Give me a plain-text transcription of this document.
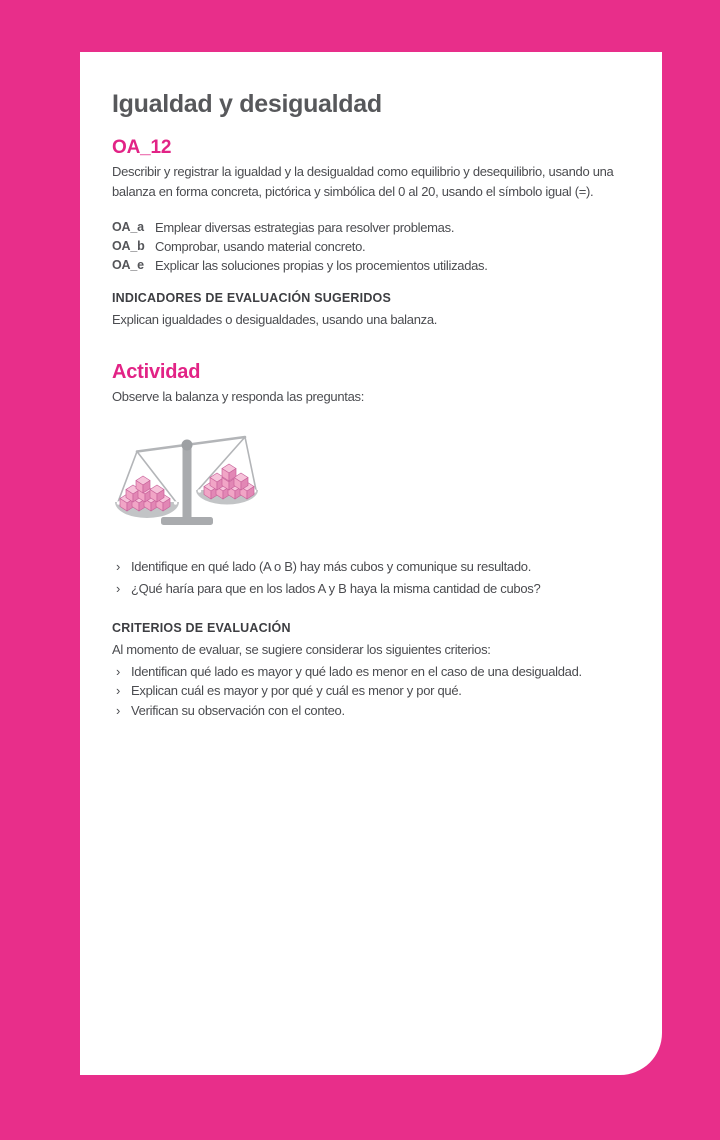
Igualdad y desigualdad
OA_12

Describir y registrar la igualdad y la desigualdad como equilibrio y desequilibrio, usando una
balanza en forma concreta, pictórica y simbólica del 0 al 20, usando el símbolo igual (=).

OA_a Emplear diversas estrategias para resolver problemas.
OA_b Comprobar, usando material concreto.
OA_e Explicar las soluciones propias y los procemientos utilizadas.
INDICADORES DE EVALUACIÓN SUGERIDOS

Explican igualdades o desigualdades, usando una balanza.

Actividad

Observe la balanza y responda las preguntas:

› Identifique en qué lado (A o B) hay más cubos y comunique su resultado.
› ¿Qué haría para que en los lados A y B haya la misma cantidad de cubos?
CRITERIOS DE EVALUACIÓN

Al momento de evaluar, se sugiere considerar los siguientes criterios:

› Identifican qué lado es mayor y qué lado es menor en el caso de una desigualdad.
› Explican cuál es mayor y por qué y cuál es menor y por qué.
› Verifican su observación con el conteo.
